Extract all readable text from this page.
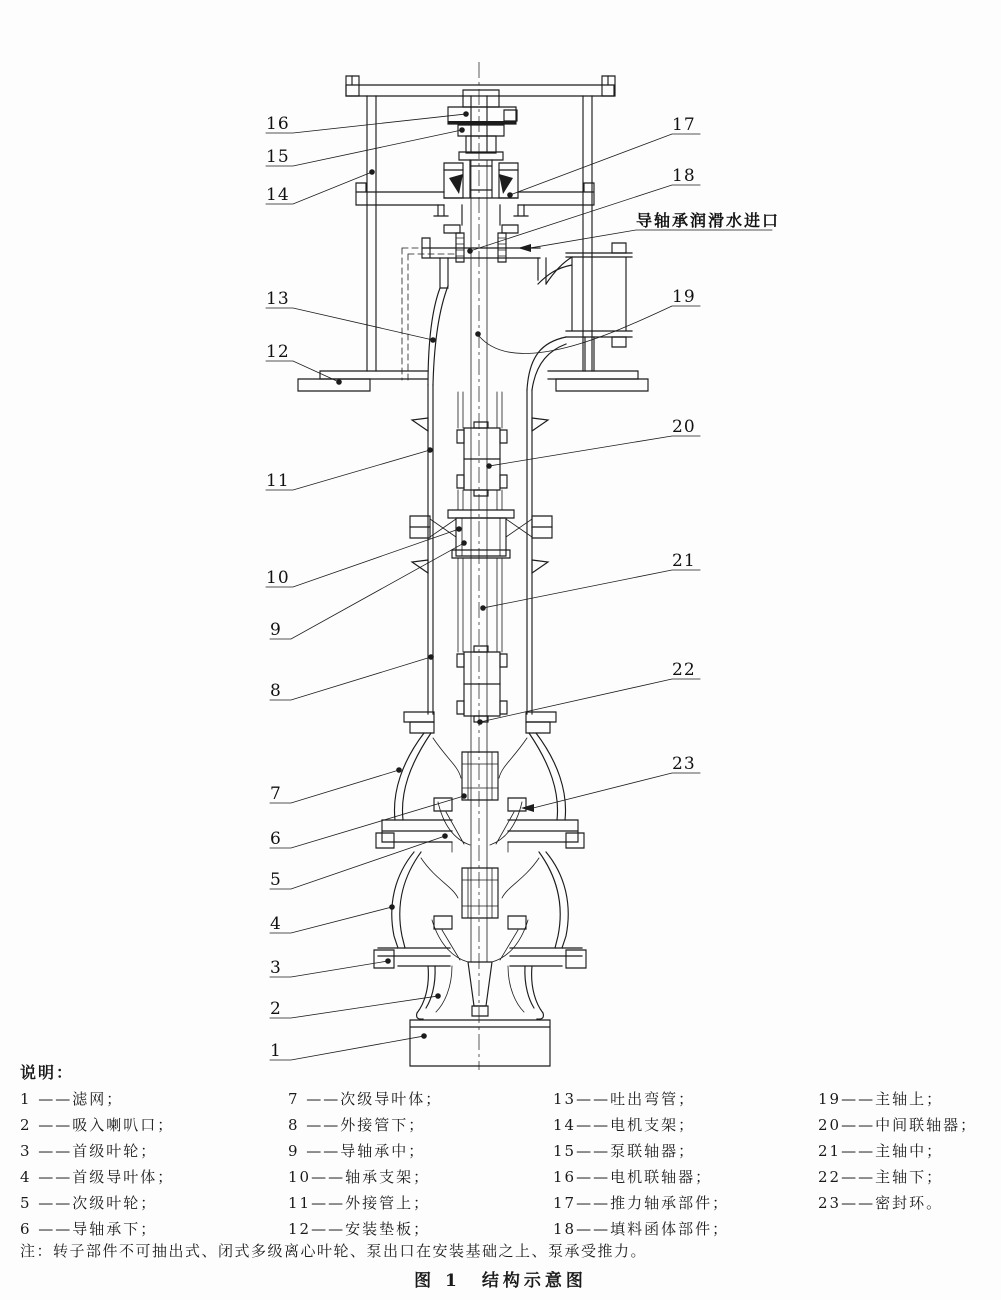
导轴承润滑水进口
16
15
14
13
12
11
10
9
8
7
6
5
4
3
2
1
17
18
19
20
21
22
23
说明：
1 ——滤网；
2 ——吸入喇叭口；
3 ——首级叶轮；
4 ——首级导叶体；
5 ——次级叶轮；
6 ——导轴承下；
7 ——次级导叶体；
8 ——外接管下；
9 ——导轴承中；
10——轴承支架；
11——外接管上；
12——安装垫板；
13——吐出弯管；
14——电机支架；
15——泵联轴器；
16——电机联轴器；
17——推力轴承部件；
18——填料函体部件；
19——主轴上；
20——中间联轴器；
21——主轴中；
22——主轴下；
23——密封环。
注：转子部件不可抽出式、闭式多级离心叶轮、泵出口在安装基础之上、泵承受推力。
图 1　结构示意图
